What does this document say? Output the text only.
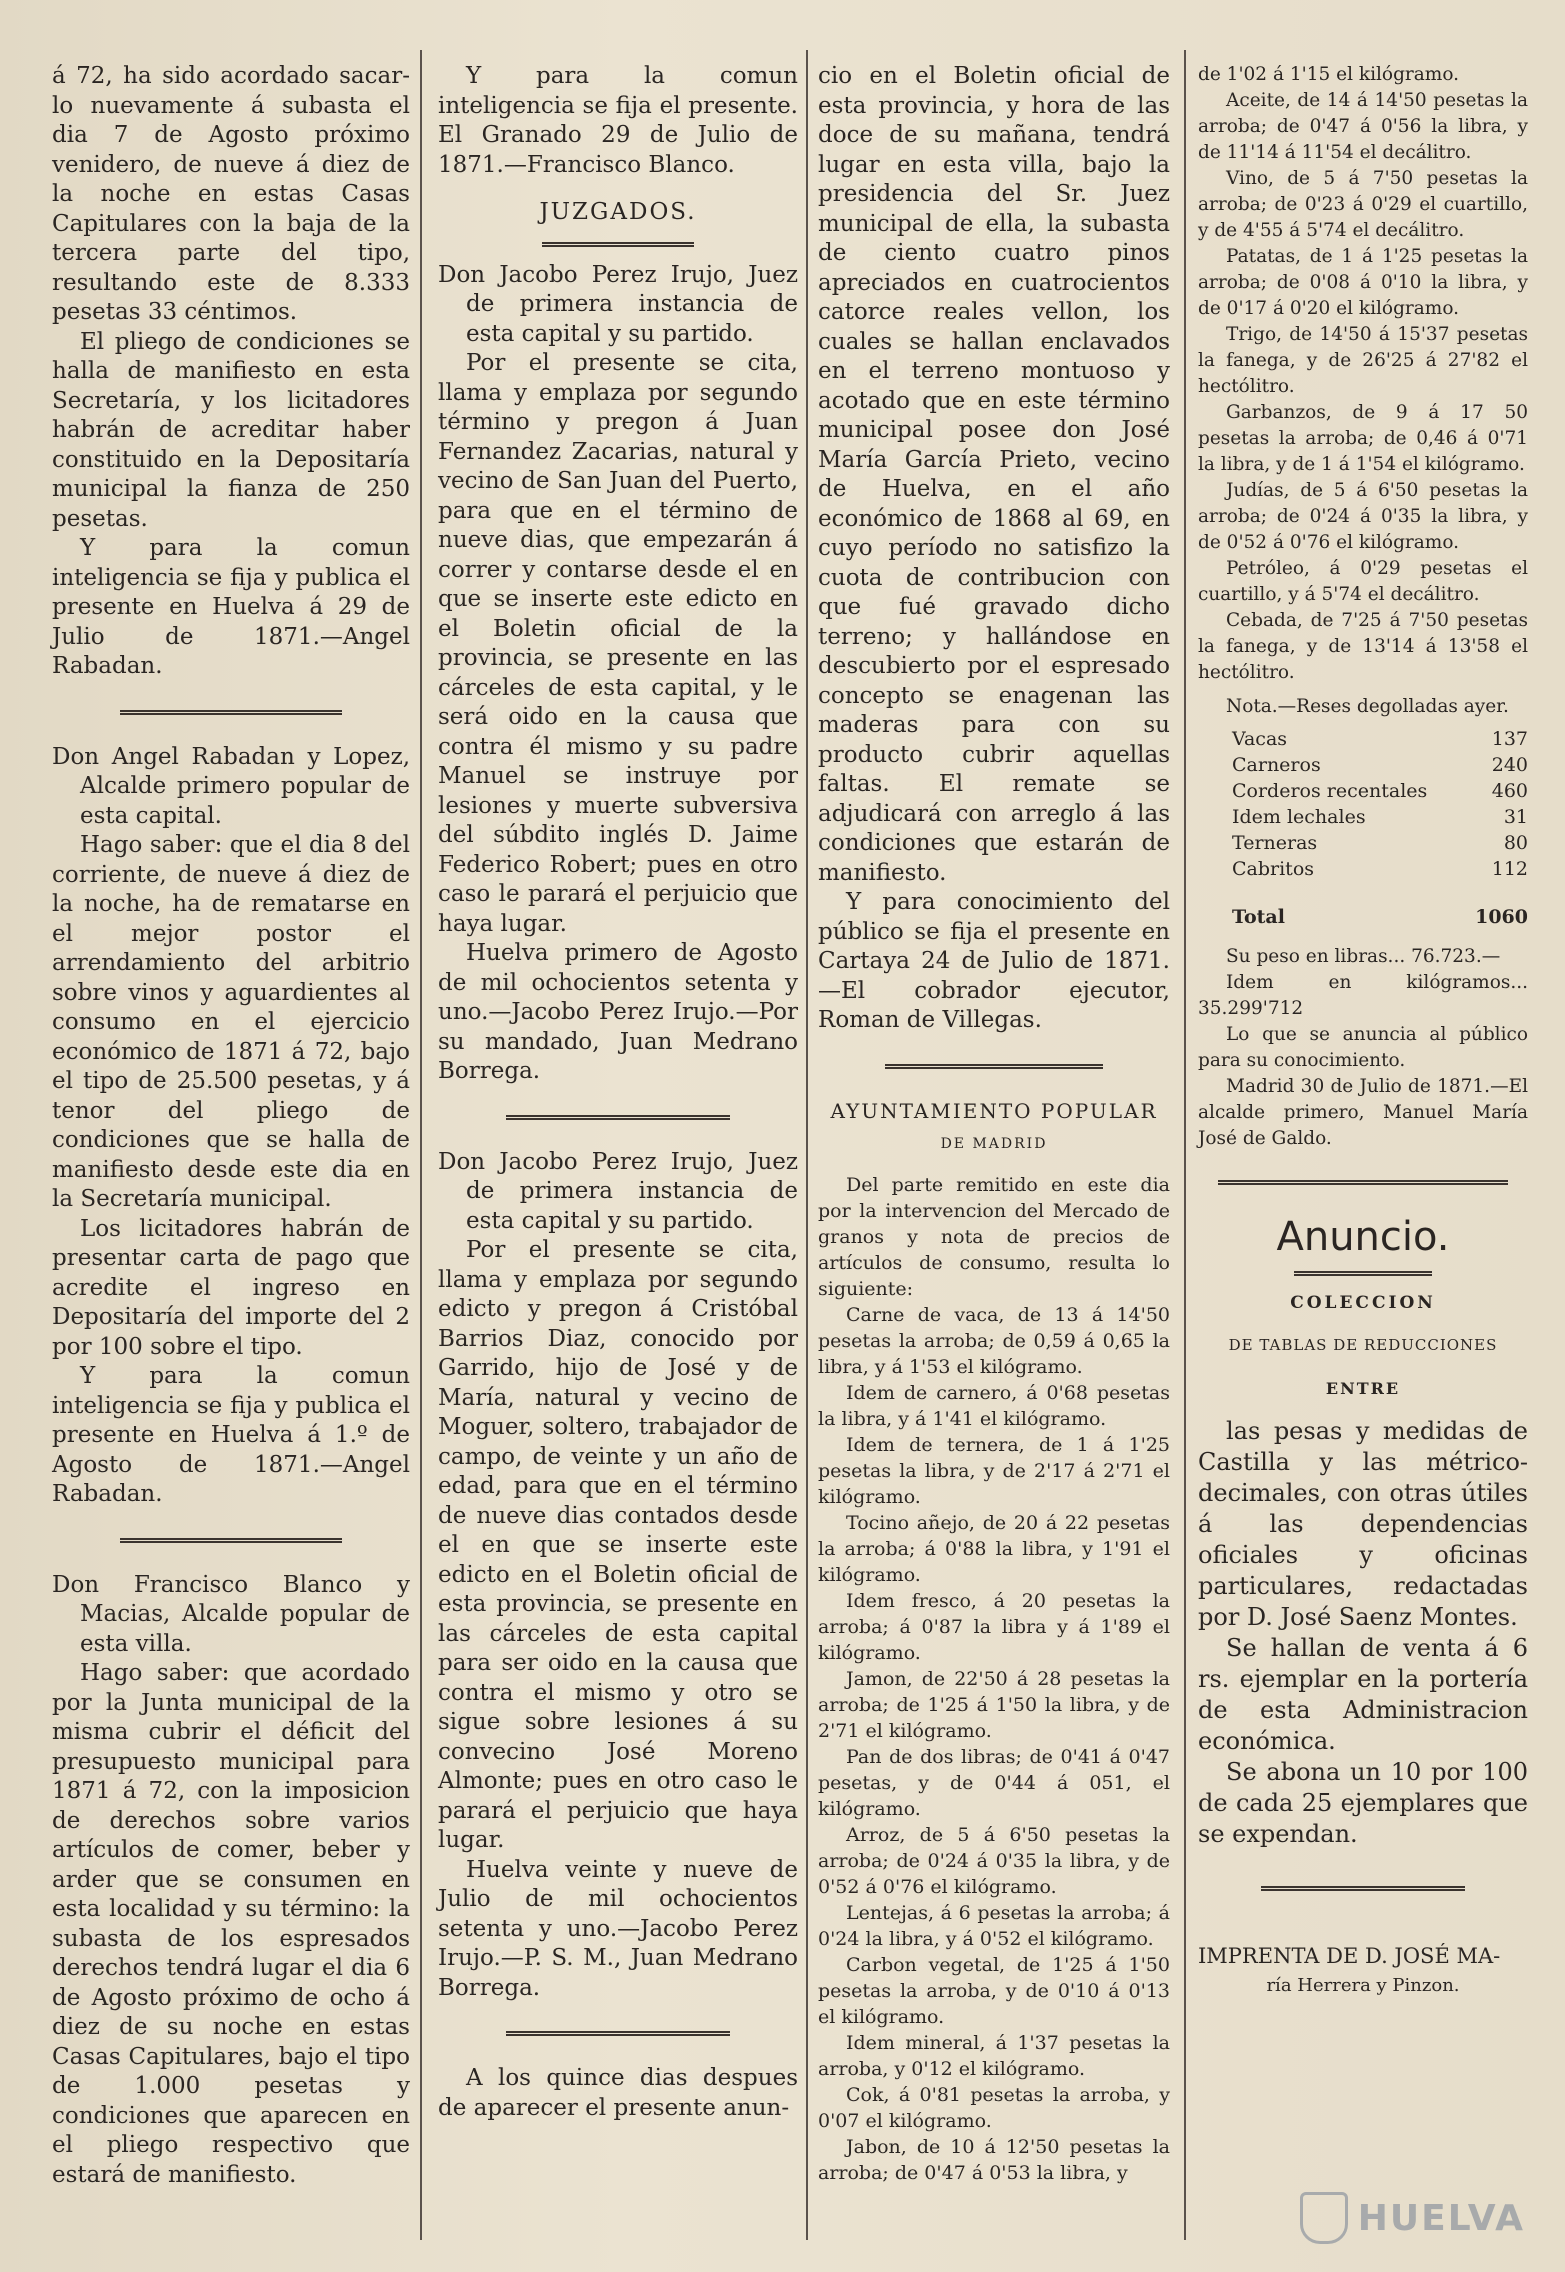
á 72, ha sido acordado sacar-lo nuevamente á subasta el dia 7 de Agosto próximo venidero, de nueve á diez de la noche en estas Casas Capitulares con la baja de la tercera parte del tipo, resultando este de 8.333 pesetas 33 céntimos.

El pliego de condiciones se halla de manifiesto en esta Secretaría, y los licitadores habrán de acreditar haber constituido en la Depositaría municipal la fianza de 250 pesetas.

Y para la comun inteligencia se fija y publica el presente en Huelva á 29 de Julio de 1871.—Angel Rabadan.

Don Angel Rabadan y Lopez, Alcalde primero popular de esta capital.

Hago saber: que el dia 8 del corriente, de nueve á diez de la noche, ha de rematarse en el mejor postor el arrendamiento del arbitrio sobre vinos y aguardientes al consumo en el ejercicio económico de 1871 á 72, bajo el tipo de 25.500 pesetas, y á tenor del pliego de condiciones que se halla de manifiesto desde este dia en la Secretaría municipal.

Los licitadores habrán de presentar carta de pago que acredite el ingreso en Depositaría del importe del 2 por 100 sobre el tipo.

Y para la comun inteligencia se fija y publica el presente en Huelva á 1.º de Agosto de 1871.—Angel Rabadan.

Don Francisco Blanco y Macias, Alcalde popular de esta villa.

Hago saber: que acordado por la Junta municipal de la misma cubrir el déficit del presupuesto municipal para 1871 á 72, con la imposicion de derechos sobre varios artículos de comer, beber y arder que se consumen en esta localidad y su término: la subasta de los espresados derechos tendrá lugar el dia 6 de Agosto próximo de ocho á diez de su noche en estas Casas Capitulares, bajo el tipo de 1.000 pesetas y condiciones que aparecen en el pliego respectivo que estará de manifiesto.

Y para la comun inteligencia se fija el presente. El Granado 29 de Julio de 1871.—Francisco Blanco.

JUZGADOS.

Don Jacobo Perez Irujo, Juez de primera instancia de esta capital y su partido.

Por el presente se cita, llama y emplaza por segundo término y pregon á Juan Fernandez Zacarias, natural y vecino de San Juan del Puerto, para que en el término de nueve dias, que empezarán á correr y contarse desde el en que se inserte este edicto en el Boletin oficial de la provincia, se presente en las cárceles de esta capital, y le será oido en la causa que contra él mismo y su padre Manuel se instruye por lesiones y muerte subversiva del súbdito inglés D. Jaime Federico Robert; pues en otro caso le parará el perjuicio que haya lugar.

Huelva primero de Agosto de mil ochocientos setenta y uno.—Jacobo Perez Irujo.—Por su mandado, Juan Medrano Borrega.

Don Jacobo Perez Irujo, Juez de primera instancia de esta capital y su partido.

Por el presente se cita, llama y emplaza por segundo edicto y pregon á Cristóbal Barrios Diaz, conocido por Garrido, hijo de José y de María, natural y vecino de Moguer, soltero, trabajador de campo, de veinte y un año de edad, para que en el término de nueve dias contados desde el en que se inserte este edicto en el Boletin oficial de esta provincia, se presente en las cárceles de esta capital para ser oido en la causa que contra el mismo y otro se sigue sobre lesiones á su convecino José Moreno Almonte; pues en otro caso le parará el perjuicio que haya lugar.

Huelva veinte y nueve de Julio de mil ochocientos setenta y uno.—Jacobo Perez Irujo.—P. S. M., Juan Medrano Borrega.

A los quince dias despues de aparecer el presente anun-

cio en el Boletin oficial de esta provincia, y hora de las doce de su mañana, tendrá lugar en esta villa, bajo la presidencia del Sr. Juez municipal de ella, la subasta de ciento cuatro pinos apreciados en cuatrocientos catorce reales vellon, los cuales se hallan enclavados en el terreno montuoso y acotado que en este término municipal posee don José María García Prieto, vecino de Huelva, en el año económico de 1868 al 69, en cuyo período no satisfizo la cuota de contribucion con que fué gravado dicho terreno; y hallándose en descubierto por el espresado concepto se enagenan las maderas para con su producto cubrir aquellas faltas. El remate se adjudicará con arreglo á las condiciones que estarán de manifiesto.

Y para conocimiento del público se fija el presente en Cartaya 24 de Julio de 1871.—El cobrador ejecutor, Roman de Villegas.

AYUNTAMIENTO POPULAR

DE MADRID

Del parte remitido en este dia por la intervencion del Mercado de granos y nota de precios de artículos de consumo, resulta lo siguiente:

Carne de vaca, de 13 á 14'50 pesetas la arroba; de 0,59 á 0,65 la libra, y á 1'53 el kilógramo.

Idem de carnero, á 0'68 pesetas la libra, y á 1'41 el kilógramo.

Idem de ternera, de 1 á 1'25 pesetas la libra, y de 2'17 á 2'71 el kilógramo.

Tocino añejo, de 20 á 22 pesetas la arroba; á 0'88 la libra, y 1'91 el kilógramo.

Idem fresco, á 20 pesetas la arroba; á 0'87 la libra y á 1'89 el kilógramo.

Jamon, de 22'50 á 28 pesetas la arroba; de 1'25 á 1'50 la libra, y de 2'71 el kilógramo.

Pan de dos libras; de 0'41 á 0'47 pesetas, y de 0'44 á 051, el kilógramo.

Arroz, de 5 á 6'50 pesetas la arroba; de 0'24 á 0'35 la libra, y de 0'52 á 0'76 el kilógramo.

Lentejas, á 6 pesetas la arroba; á 0'24 la libra, y á 0'52 el kilógramo.

Carbon vegetal, de 1'25 á 1'50 pesetas la arroba, y de 0'10 á 0'13 el kilógramo.

Idem mineral, á 1'37 pesetas la arroba, y 0'12 el kilógramo.

Cok, á 0'81 pesetas la arroba, y 0'07 el kilógramo.

Jabon, de 10 á 12'50 pesetas la arroba; de 0'47 á 0'53 la libra, y

de 1'02 á 1'15 el kilógramo.

Aceite, de 14 á 14'50 pesetas la arroba; de 0'47 á 0'56 la libra, y de 11'14 á 11'54 el decálitro.

Vino, de 5 á 7'50 pesetas la arroba; de 0'23 á 0'29 el cuartillo, y de 4'55 á 5'74 el decálitro.

Patatas, de 1 á 1'25 pesetas la arroba; de 0'08 á 0'10 la libra, y de 0'17 á 0'20 el kilógramo.

Trigo, de 14'50 á 15'37 pesetas la fanega, y de 26'25 á 27'82 el hectólitro.

Garbanzos, de 9 á 17 50 pesetas la arroba; de 0,46 á 0'71 la libra, y de 1 á 1'54 el kilógramo.

Judías, de 5 á 6'50 pesetas la arroba; de 0'24 á 0'35 la libra, y de 0'52 á 0'76 el kilógramo.

Petróleo, á 0'29 pesetas el cuartillo, y á 5'74 el decálitro.

Cebada, de 7'25 á 7'50 pesetas la fanega, y de 13'14 á 13'58 el hectólitro.

Nota.—Reses degolladas ayer.

Vacas	137
Carneros	240
Corderos recentales	460
Idem lechales	31
Terneras	80
Cabritos	112
Total	1060

Su peso en libras... 76.723.—

Idem en kilógramos... 35.299'712

Lo que se anuncia al público para su conocimiento.

Madrid 30 de Julio de 1871.—El alcalde primero, Manuel María José de Galdo.

Anuncio.

COLECCION

DE TABLAS DE REDUCCIONES

ENTRE

las pesas y medidas de Castilla y las métrico-decimales, con otras útiles á las dependencias oficiales y oficinas particulares, redactadas por D. José Saenz Montes.

Se hallan de venta á 6 rs. ejemplar en la portería de esta Administracion económica.

Se abona un 10 por 100 de cada 25 ejemplares que se expendan.

IMPRENTA DE D. JOSÉ MA-

ría Herrera y Pinzon.

HUELVA
